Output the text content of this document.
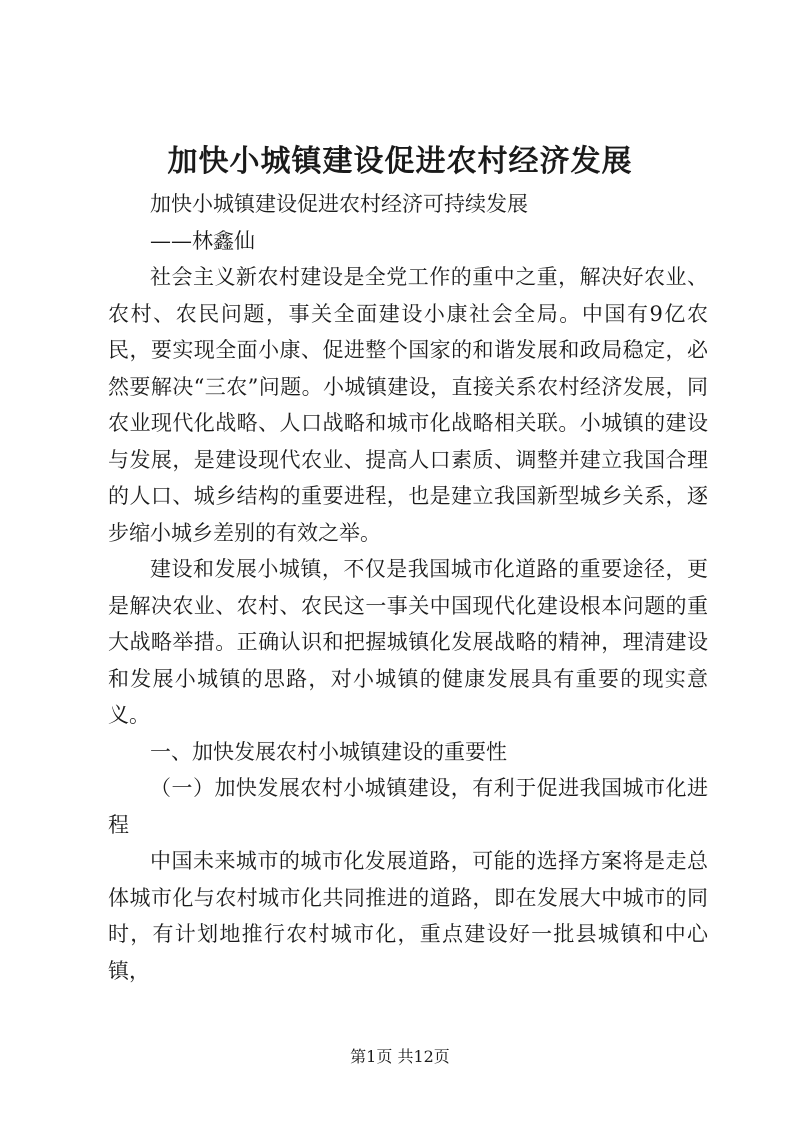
加快小城镇建设促进农村经济发展

加快小城镇建设促进农村经济可持续发展

——林鑫仙

社会主义新农村建设是全党工作的重中之重，解决好农业、农村、农民问题，事关全面建设小康社会全局。中国有9亿农民，要实现全面小康、促进整个国家的和谐发展和政局稳定，必然要解决“三农”问题。小城镇建设，直接关系农村经济发展，同农业现代化战略、人口战略和城市化战略相关联。小城镇的建设与发展，是建设现代农业、提高人口素质、调整并建立我国合理的人口、城乡结构的重要进程，也是建立我国新型城乡关系，逐步缩小城乡差别的有效之举。

建设和发展小城镇，不仅是我国城市化道路的重要途径，更是解决农业、农村、农民这一事关中国现代化建设根本问题的重大战略举措。正确认识和把握城镇化发展战略的精神，理清建设和发展小城镇的思路，对小城镇的健康发展具有重要的现实意义。

一、加快发展农村小城镇建设的重要性

（一）加快发展农村小城镇建设，有利于促进我国城市化进程

中国未来城市的城市化发展道路，可能的选择方案将是走总体城市化与农村城市化共同推进的道路，即在发展大中城市的同时，有计划地推行农村城市化，重点建设好一批县城镇和中心镇，

第1页 共12页
